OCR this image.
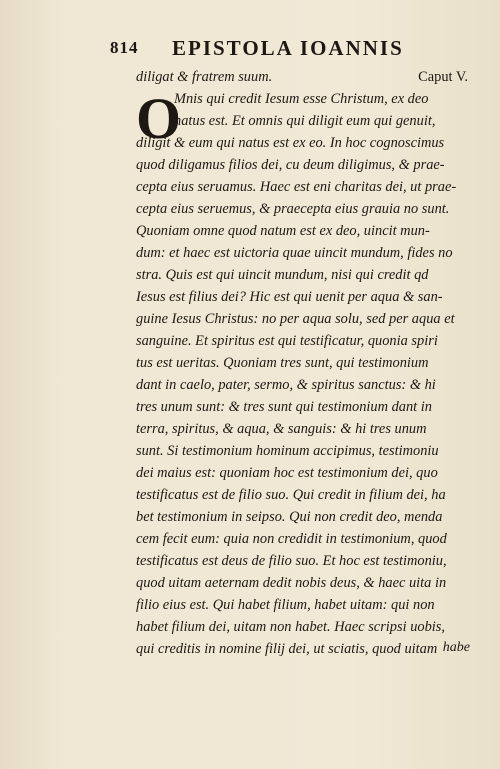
814 EPISTOLA IOANNIS
diligat & fratrem suum.	Caput V.
O
Mnis qui credit Iesum esse Christum, ex deo
natus est. Et omnis qui diligit eum qui genuit,
diligit & eum qui natus est ex eo. In hoc cognoscimus
quod diligamus filios dei, cu deum diligimus, & prae-
cepta eius seruamus. Haec est eni charitas dei, ut prae-
cepta eius seruemus, & praecepta eius grauia no sunt.
Quoniam omne quod natum est ex deo, uincit mun-
dum: et haec est uictoria quae uincit mundum, fides no
stra. Quis est qui uincit mundum, nisi qui credit qd
Iesus est filius dei? Hic est qui uenit per aqua & san-
guine Iesus Christus: no per aqua solu, sed per aqua et
sanguine. Et spiritus est qui testificatur, quonia spiri
tus est ueritas. Quoniam tres sunt, qui testimonium
dant in caelo, pater, sermo, & spiritus sanctus: & hi
tres unum sunt: & tres sunt qui testimonium dant in
terra, spiritus, & aqua, & sanguis: & hi tres unum
sunt. Si testimonium hominum accipimus, testimoniu
dei maius est: quoniam hoc est testimonium dei, quo
testificatus est de filio suo. Qui credit in filium dei, ha
bet testimonium in seipso. Qui non credit deo, menda
cem fecit eum: quia non credidit in testimonium, quod
testificatus est deus de filio suo. Et hoc est testimoniu,
quod uitam aeternam dedit nobis deus, & haec uita in
filio eius est. Qui habet filium, habet uitam: qui non
habet filium dei, uitam non habet. Haec scripsi uobis,
qui creditis in nomine filij dei, ut sciatis, quod uitam habe
